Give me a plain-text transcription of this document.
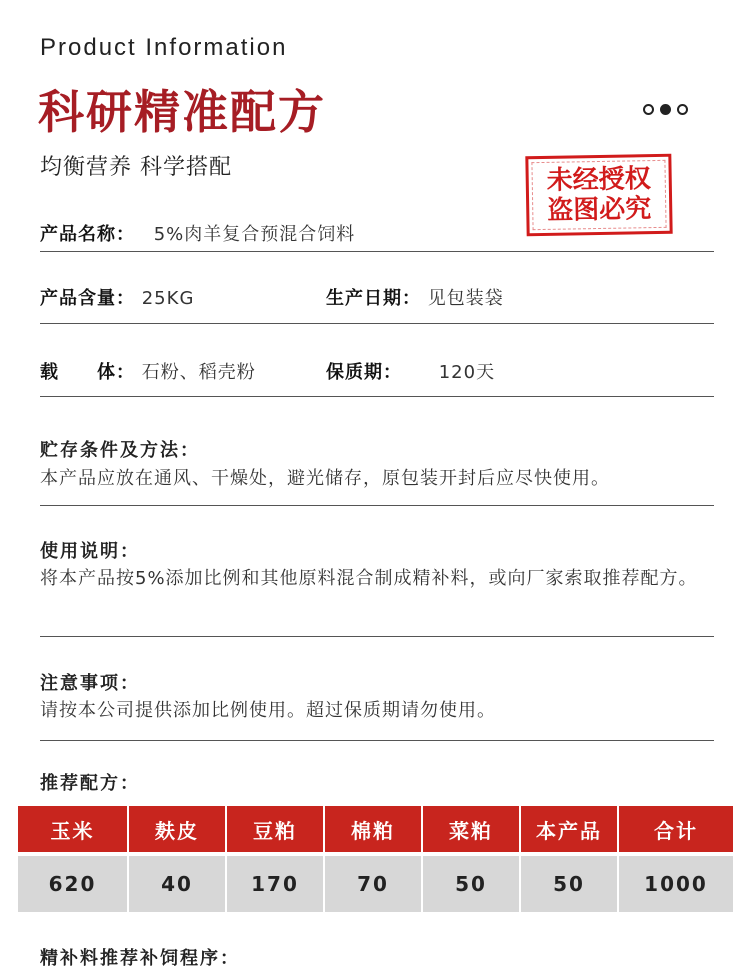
Product Information
科研精准配方
均衡营养 科学搭配	未经授权
盗图必究
产品名称： 5%肉羊复合预混合饲料
产品含量： 25KG	生产日期： 见包装袋
载　　体： 石粉、稻壳粉	保质期： 120天
贮存条件及方法：
本产品应放在通风、干燥处，避光储存，原包装开封后应尽快使用。
使用说明：
将本产品按5%添加比例和其他原料混合制成精补料，或向厂家索取推荐配方。
注意事项：
请按本公司提供添加比例使用。超过保质期请勿使用。
推荐配方：
玉米	麸皮	豆粕	棉粕	菜粕	本产品	合计
620	40	170	70	50	50	1000
精补料推荐补饲程序：
